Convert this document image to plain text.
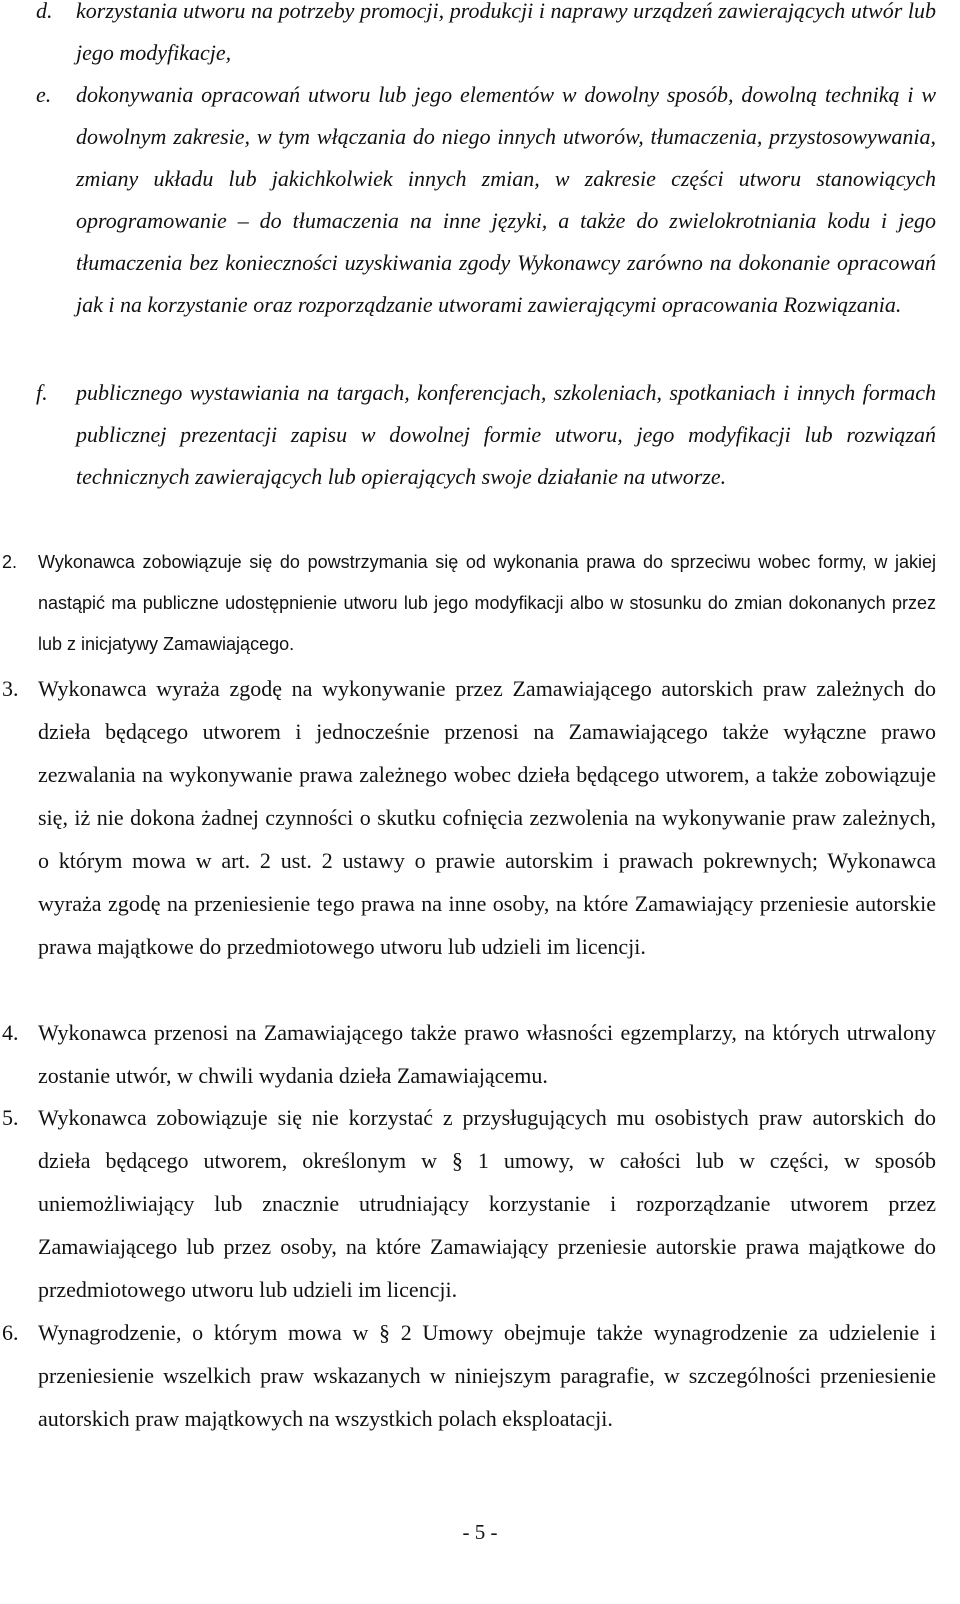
d. korzystania utworu na potrzeby promocji, produkcji i naprawy urządzeń zawierających utwór lub jego modyfikacje,
e. dokonywania opracowań utworu lub jego elementów w dowolny sposób, dowolną techniką i w dowolnym zakresie, w tym włączania do niego innych utworów, tłumaczenia, przystosowywania, zmiany układu lub jakichkolwiek innych zmian, w zakresie części utworu stanowiących oprogramowanie – do tłumaczenia na inne języki, a także do zwielokrotniania kodu i jego tłumaczenia bez konieczności uzyskiwania zgody Wykonawcy zarówno na dokonanie opracowań jak i na korzystanie oraz rozporządzanie utworami zawierającymi opracowania Rozwiązania.
f. publicznego wystawiania na targach, konferencjach, szkoleniach, spotkaniach i innych formach publicznej prezentacji zapisu w dowolnej formie utworu, jego modyfikacji lub rozwiązań technicznych zawierających lub opierających swoje działanie na utworze.
2. Wykonawca zobowiązuje się do powstrzymania się od wykonania prawa do sprzeciwu wobec formy, w jakiej nastąpić ma publiczne udostępnienie utworu lub jego modyfikacji albo w stosunku do zmian dokonanych przez lub z inicjatywy Zamawiającego.
3. Wykonawca wyraża zgodę na wykonywanie przez Zamawiającego autorskich praw zależnych do dzieła będącego utworem i jednocześnie przenosi na Zamawiającego także wyłączne prawo zezwalania na wykonywanie prawa zależnego wobec dzieła będącego utworem, a także zobowiązuje się, iż nie dokona żadnej czynności o skutku cofnięcia zezwolenia na wykonywanie praw zależnych, o którym mowa w art. 2 ust. 2 ustawy o prawie autorskim i prawach pokrewnych; Wykonawca wyraża zgodę na przeniesienie tego prawa na inne osoby, na które Zamawiający przeniesie autorskie prawa majątkowe do przedmiotowego utworu lub udzieli im licencji.
4. Wykonawca przenosi na Zamawiającego także prawo własności egzemplarzy, na których utrwalony zostanie utwór, w chwili wydania dzieła Zamawiającemu.
5. Wykonawca zobowiązuje się nie korzystać z przysługujących mu osobistych praw autorskich do dzieła będącego utworem, określonym w § 1 umowy, w całości lub w części, w sposób uniemożliwiający lub znacznie utrudniający korzystanie i rozporządzanie utworem przez Zamawiającego lub przez osoby, na które Zamawiający przeniesie autorskie prawa majątkowe do przedmiotowego utworu lub udzieli im licencji.
6. Wynagrodzenie, o którym mowa w § 2 Umowy obejmuje także wynagrodzenie za udzielenie i przeniesienie wszelkich praw wskazanych w niniejszym paragrafie, w szczególności przeniesienie autorskich praw majątkowych na wszystkich polach eksploatacji.
- 5 -
